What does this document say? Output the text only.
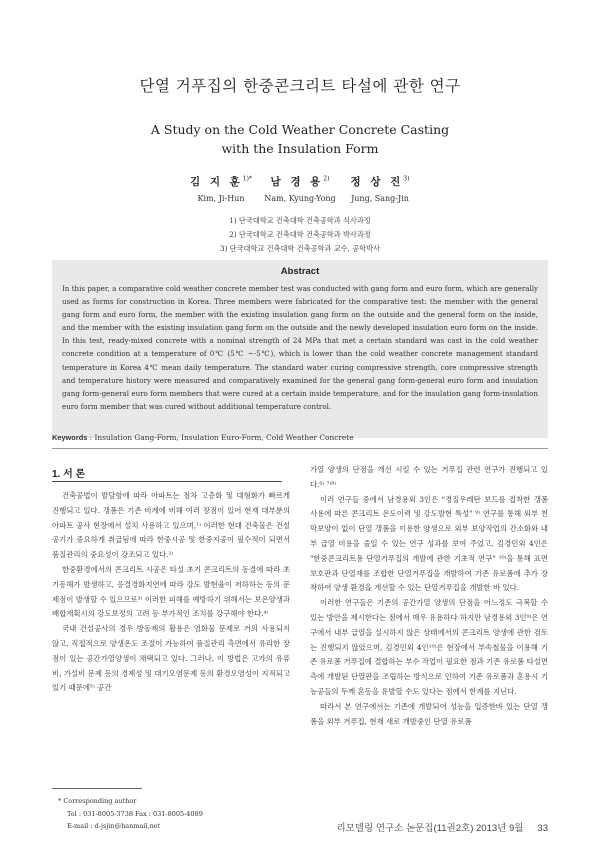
단열 거푸집의 한중콘크리트 타설에 관한 연구
A Study on the Cold Weather Concrete Casting
with the Insulation Form
김 지 훈$^{1)*}$
Kim, Ji-Hun
남 경 용$^{2)}$
Nam, Kyung-Yong
정 상 진$^{3)}$
Jung, Sang-Jin
1) 단국대학교 건축대학 건축공학과 석사과정
2) 단국대학교 건축대학 건축공학과 박사과정
3) 단국대학교 건축대학 건축공학과 교수, 공학박사
Abstract
In this paper, a comparative cold weather concrete member test was conducted with gang form and euro form, which are generally used as forms for construction in Korea. Three members were fabricated for the comparative test: the member with the general gang form and euro form, the member with the existing insulation gang form on the outside and the general form on the inside, and the member with the existing insulation gang form on the outside and the newly developed insulation euro form on the inside. In this test, ready-mixed concrete with a nominal strength of 24 MPa that met a certain standard was cast in the cold weather concrete condition at a temperature of 0℃ (5℃ ~-5℃), which is lower than the cold weather concrete management standard temperature in Korea 4℃ mean daily temperature. The standard water curing compressive strength, core compressive strength and temperature history were measured and comparatively examined for the general gang form-general euro form and insulation gang form-general euro form members that were cured at a certain inside temperature, and for the insulation gang form-insulation euro form member that was cured without additional temperature control.
Keywords : Insulation Gang-Form, Insulation Euro-Form, Cold Weather Concrete
1. 서 론

건축공법이 발달함에 따라 아파트는 점차 고층화 및 대형화가 빠르게 진행되고 있다. 갱폼은 기존 비계에 비해 여러 장점이 있어 현재 대부분의 아파트 공사 현장에서 설치 사용하고 있으며,¹⁾ 이러한 현대 건축물은 건설공기가 중요하게 취급됨에 따라 한중시공 및 한중지공이 필수적이 되면서 품질관리의 중요성이 강조되고 있다.²⁾

한중환경에서의 콘크리트 시공은 타설 초기 콘크리트의 동결에 따라 초기동해가 발생하고, 응결경화지연에 따라 강도 발현율이 저하하는 등의 문제점이 발생할 수 있으므로³⁾ 이러한 피해를 예방하기 위해서는 보온양생과 배합계획시의 강도보정의 고려 등 부가적인 조치를 강구해야 한다.⁴⁾

국내 건설공사의 경우 방동제의 활용은 염화물 문제로 거의 사용되지 않고, 직접적으로 양생온도 조절이 가능하여 품질관리 측면에서 유리한 장점이 있는 공간가열양생이 채택되고 있다. 그러나, 이 방법은 고가의 유류비, 가설비 문제 등의 경제성 및 대기오염문제 등의 환경오염성이 지적되고 있기 때문에⁵⁾ 공간

가열 양생의 단점을 개선 시킬 수 있는 거푸집 관련 연구가 진행되고 있다.⁶⁾ ⁷⁾⁸⁾

이러 연구들 중에서 남경용외 3인은 "경질우레탄 보드를 접착한 갱폼 사용에 따른 콘크리트 온도이력 및 강도발현 특성" ⁹⁾ 연구를 통해 외부 천막보양이 없이 단열 갱폼을 이용한 양생으로 외부 보양작업의 간소화와 내부 급열 비용을 줄일 수 있는 연구 성과를 보여 주었고, 김경민외 4인은 "한중콘크리트용 단열거푸집의 개발에 관한 기초적 연구" ¹⁰⁾을 통해 표면보호판과 단열재를 조합한 단열거푸집을 개발하여 기존 유로폼에 추가 장착하여 양생 환경을 개선할 수 있는 단열거푸집을 개발한 바 있다.

이러한 연구들은 기존의 공간가열 양생의 단점을 어느정도 극복할 수 있는 방안을 제시한다는 점에서 매우 유용하다 하지만 남경용외 3인⁹⁾은 연구에서 내부 급열을 실시하지 않은 상태에서의 콘크리트 양생에 관한 검토는 진행되지 않았으며, 김경민외 4인¹⁰⁾은 현장에서 부속철물을 이용해 기존 유로폼 거푸집에 결합하는 부수 작업이 필요한 점과 기존 유로폼 타설면 측에 개발된 단열판을 조립하는 방식으로 인하여 기존 유로폼과 혼용시 기능공들의 두께 혼동을 유발할 수도 있다는 점에서 한계를 지닌다.

따라서 본 연구에서는 기존에 개발되어 성능을 입증한바 있는 단열 갱폼을 외부 거푸집, 현재 새로 개발중인 단열 유로폼

* Corresponding author
Tel : 031-8005-3738 Fax : 031-8005-4089
E-mail : d-jsjin@hanmail,net	리모델링 연구소 논문집(11권2호) 2013년 9월 33
